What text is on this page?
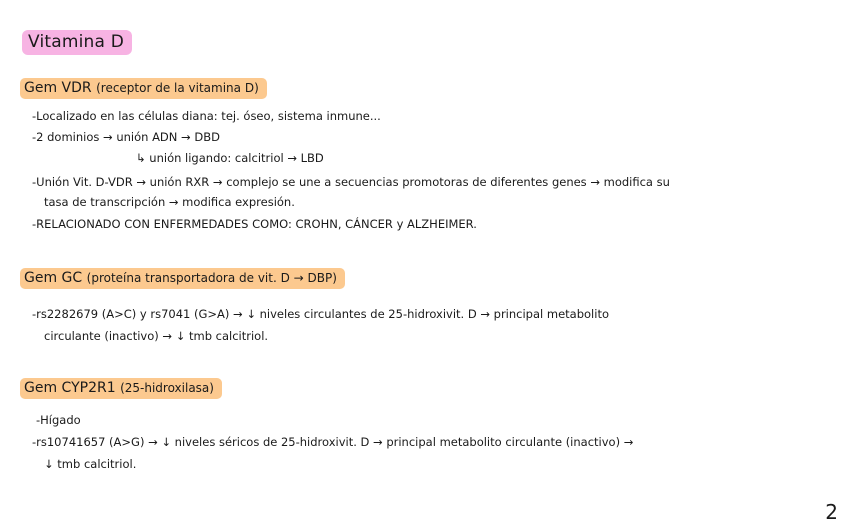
Vitamina D
Gem VDR (receptor de la vitamina D)
-Localizado en las células diana: tej. óseo, sistema inmune...
-2 dominios → unión ADN → DBD
↳ unión ligando: calcitriol → LBD
-Unión Vit. D-VDR → unión RXR → complejo se une a secuencias promotoras de diferentes genes → modifica su
tasa de transcripción → modifica expresión.
-RELACIONADO CON ENFERMEDADES COMO: CROHN, CÁNCER y ALZHEIMER.
Gem GC (proteína transportadora de vit. D → DBP)
-rs2282679 (A>C) y rs7041 (G>A) → ↓ niveles circulantes de 25-hidroxivit. D → principal metabolito
circulante (inactivo) → ↓ tmb calcitriol.
Gem CYP2R1 (25-hidroxilasa)
-Hígado
-rs10741657 (A>G) → ↓ niveles séricos de 25-hidroxivit. D → principal metabolito circulante (inactivo) →
↓ tmb calcitriol.
2
